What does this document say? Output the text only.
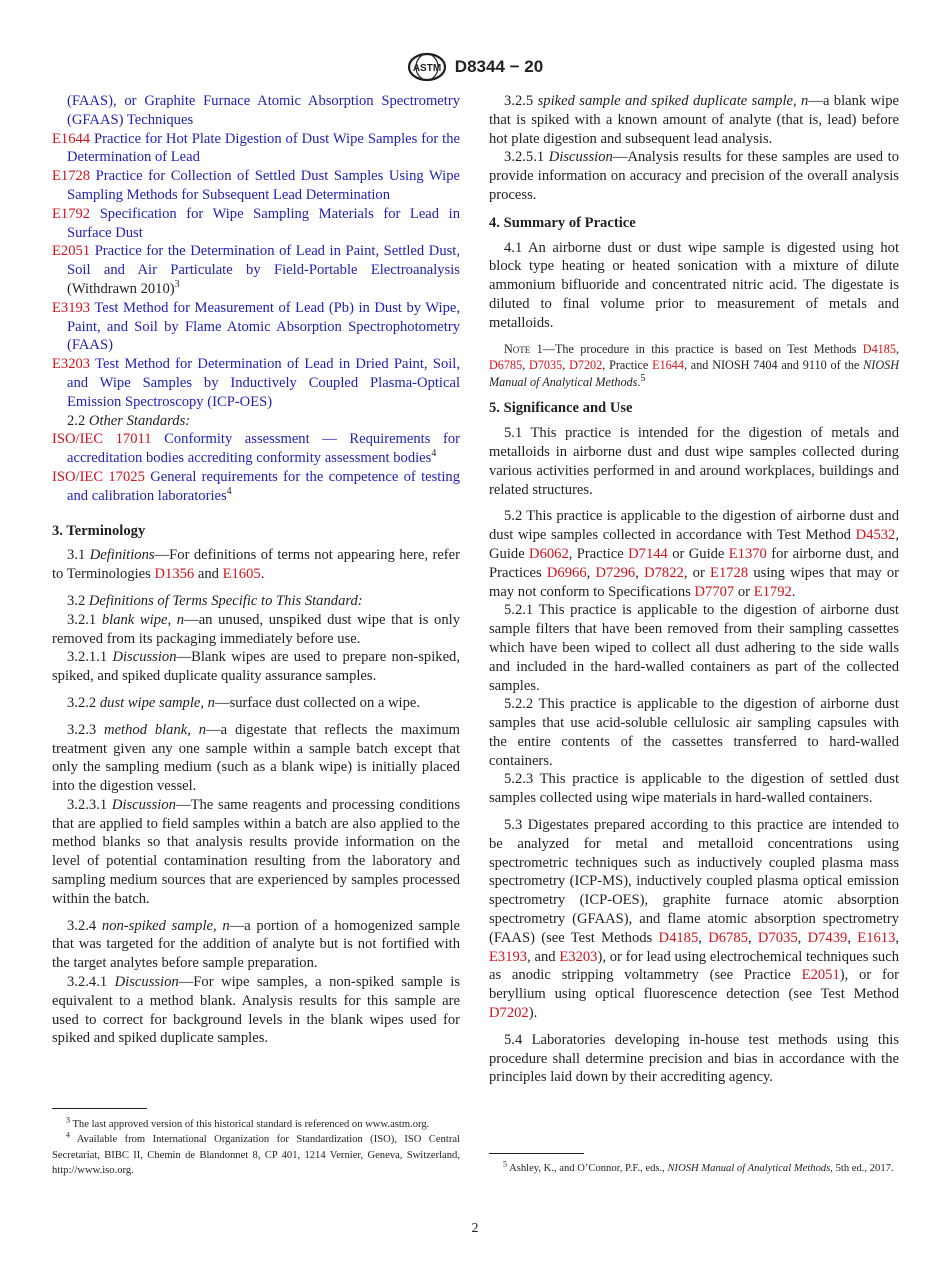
ASTM D8344 − 20

(FAAS), or Graphite Furnace Atomic Absorption Spectrometry (GFAAS) Techniques

E1644 Practice for Hot Plate Digestion of Dust Wipe Samples for the Determination of Lead

E1728 Practice for Collection of Settled Dust Samples Using Wipe Sampling Methods for Subsequent Lead Determination

E1792 Specification for Wipe Sampling Materials for Lead in Surface Dust

E2051 Practice for the Determination of Lead in Paint, Settled Dust, Soil and Air Particulate by Field-Portable Electroanalysis (Withdrawn 2010)$^3$

E3193 Test Method for Measurement of Lead (Pb) in Dust by Wipe, Paint, and Soil by Flame Atomic Absorption Spectrophotometry (FAAS)

E3203 Test Method for Determination of Lead in Dried Paint, Soil, and Wipe Samples by Inductively Coupled Plasma-Optical Emission Spectroscopy (ICP-OES)

2.2 Other Standards:

ISO/IEC 17011 Conformity assessment — Requirements for accreditation bodies accrediting conformity assessment bodies$^4$

ISO/IEC 17025 General requirements for the competence of testing and calibration laboratories$^4$

3. Terminology

3.1 Definitions—For definitions of terms not appearing here, refer to Terminologies D1356 and E1605.

3.2 Definitions of Terms Specific to This Standard:

3.2.1 blank wipe, n—an unused, unspiked dust wipe that is only removed from its packaging immediately before use.

3.2.1.1 Discussion—Blank wipes are used to prepare non-spiked, spiked, and spiked duplicate quality assurance samples.

3.2.2 dust wipe sample, n—surface dust collected on a wipe.

3.2.3 method blank, n—a digestate that reflects the maximum treatment given any one sample within a sample batch except that only the sampling medium (such as a blank wipe) is initially placed into the digestion vessel.

3.2.3.1 Discussion—The same reagents and processing conditions that are applied to field samples within a batch are also applied to the method blanks so that analysis results provide information on the level of potential contamination resulting from the laboratory and sampling medium sources that are experienced by samples processed within the batch.

3.2.4 non-spiked sample, n—a portion of a homogenized sample that was targeted for the addition of analyte but is not fortified with the target analytes before sample preparation.

3.2.4.1 Discussion—For wipe samples, a non-spiked sample is equivalent to a method blank. Analysis results for this sample are used to correct for background levels in the blank wipes used for spiked and spiked duplicate samples.

$^3$ The last approved version of this historical standard is referenced on www.astm.org.

$^4$ Available from International Organization for Standardization (ISO), ISO Central Secretariat, BIBC II, Chemin de Blandonnet 8, CP 401, 1214 Vernier, Geneva, Switzerland, http://www.iso.org.

3.2.5 spiked sample and spiked duplicate sample, n—a blank wipe that is spiked with a known amount of analyte (that is, lead) before hot plate digestion and subsequent lead analysis.

3.2.5.1 Discussion—Analysis results for these samples are used to provide information on accuracy and precision of the overall analysis process.

4. Summary of Practice

4.1 An airborne dust or dust wipe sample is digested using hot block type heating or heated sonication with a mixture of dilute ammonium bifluoride and concentrated nitric acid. The digestate is diluted to final volume prior to measurement of metals and metalloids.

Note 1—The procedure in this practice is based on Test Methods D4185, D6785, D7035, D7202, Practice E1644, and NIOSH 7404 and 9110 of the NIOSH Manual of Analytical Methods.$^5$

5. Significance and Use

5.1 This practice is intended for the digestion of metals and metalloids in airborne dust and dust wipe samples collected during various activities performed in and around workplaces, buildings and related structures.

5.2 This practice is applicable to the digestion of airborne dust and dust wipe samples collected in accordance with Test Method D4532, Guide D6062, Practice D7144 or Guide E1370 for airborne dust, and Practices D6966, D7296, D7822, or E1728 using wipes that may or may not conform to Specifications D7707 or E1792.

5.2.1 This practice is applicable to the digestion of airborne dust sample filters that have been removed from their sampling cassettes which have been wiped to collect all dust adhering to the side walls and included in the hard-walled containers as part of the collected samples.

5.2.2 This practice is applicable to the digestion of airborne dust samples that use acid-soluble cellulosic air sampling capsules with the entire contents of the cassettes transferred to hard-walled containers.

5.2.3 This practice is applicable to the digestion of settled dust samples collected using wipe materials in hard-walled containers.

5.3 Digestates prepared according to this practice are intended to be analyzed for metal and metalloid concentrations using spectrometric techniques such as inductively coupled plasma mass spectrometry (ICP-MS), inductively coupled plasma optical emission spectrometry (ICP-OES), graphite furnace atomic absorption spectrometry (GFAAS), and flame atomic absorption spectrometry (FAAS) (see Test Methods D4185, D6785, D7035, D7439, E1613, E3193, and E3203), or for lead using electrochemical techniques such as anodic stripping voltammetry (see Practice E2051), or for beryllium using optical fluorescence detection (see Test Method D7202).

5.4 Laboratories developing in-house test methods using this procedure shall determine precision and bias in accordance with the principles laid down by their accrediting agency.

$^5$ Ashley, K., and O’Connor, P.F., eds., NIOSH Manual of Analytical Methods, 5th ed., 2017.

2
